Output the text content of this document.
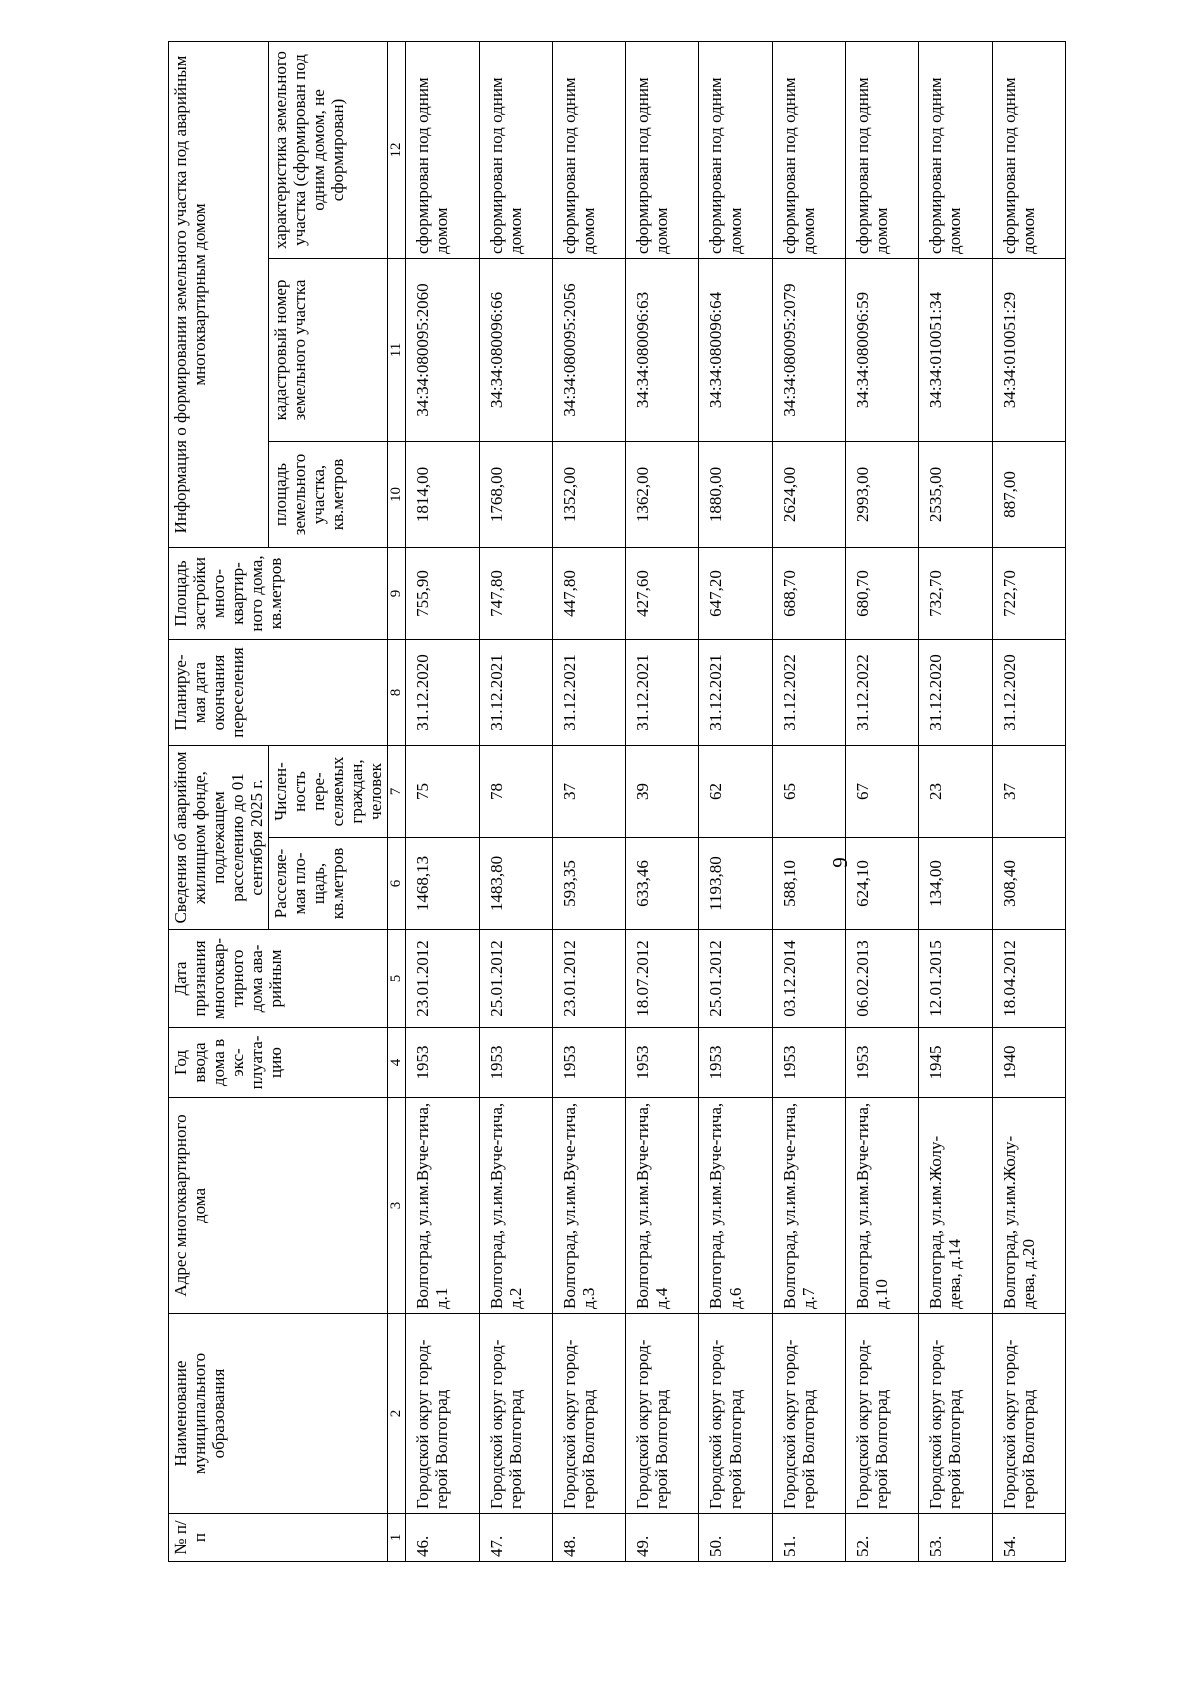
9
№ п/п	Наименование муниципального образования	Адрес многоквартирного дома	Год ввода дома в экс-плуата-цию	Дата признания многоквар-тирного дома ава-рийным	Сведения об аварийном жилищном фонде, подлежащем расселению до 01 сентября 2025 г.		Планируе-мая дата окончания переселения	Площадь застройки много-квартир-ного дома, кв.метров	Информация о формировании земельного участка под аварийным многоквартирным домом		
					Расселяе-мая пло-щадь, кв.метров	Числен-ность пере-селяемых граждан, человек			площадь земельного участка, кв.метров	кадастровый номер земельного участка	характеристика земельного участка (сформирован под одним домом, не сформирован)
1	2	3	4	5	6	7	8	9	10	11	12
46.	Городской округ город-герой Волгоград	Волгоград, ул.им.Вуче-тича, д.1	1953	23.01.2012	1468,13	75	31.12.2020	755,90	1814,00	34:34:080095:2060	сформирован под одним домом
47.	Городской округ город-герой Волгоград	Волгоград, ул.им.Вуче-тича, д.2	1953	25.01.2012	1483,80	78	31.12.2021	747,80	1768,00	34:34:080096:66	сформирован под одним домом
48.	Городской округ город-герой Волгоград	Волгоград, ул.им.Вуче-тича, д.3	1953	23.01.2012	593,35	37	31.12.2021	447,80	1352,00	34:34:080095:2056	сформирован под одним домом
49.	Городской округ город-герой Волгоград	Волгоград, ул.им.Вуче-тича, д.4	1953	18.07.2012	633,46	39	31.12.2021	427,60	1362,00	34:34:080096:63	сформирован под одним домом
50.	Городской округ город-герой Волгоград	Волгоград, ул.им.Вуче-тича, д.6	1953	25.01.2012	1193,80	62	31.12.2021	647,20	1880,00	34:34:080096:64	сформирован под одним домом
51.	Городской округ город-герой Волгоград	Волгоград, ул.им.Вуче-тича, д.7	1953	03.12.2014	588,10	65	31.12.2022	688,70	2624,00	34:34:080095:2079	сформирован под одним домом
52.	Городской округ город-герой Волгоград	Волгоград, ул.им.Вуче-тича, д.10	1953	06.02.2013	624,10	67	31.12.2022	680,70	2993,00	34:34:080096:59	сформирован под одним домом
53.	Городской округ город-герой Волгоград	Волгоград, ул.им.Жолу-дева, д.14	1945	12.01.2015	134,00	23	31.12.2020	732,70	2535,00	34:34:010051:34	сформирован под одним домом
54.	Городской округ город-герой Волгоград	Волгоград, ул.им.Жолу-дева, д.20	1940	18.04.2012	308,40	37	31.12.2020	722,70	887,00	34:34:010051:29	сформирован под одним домом
